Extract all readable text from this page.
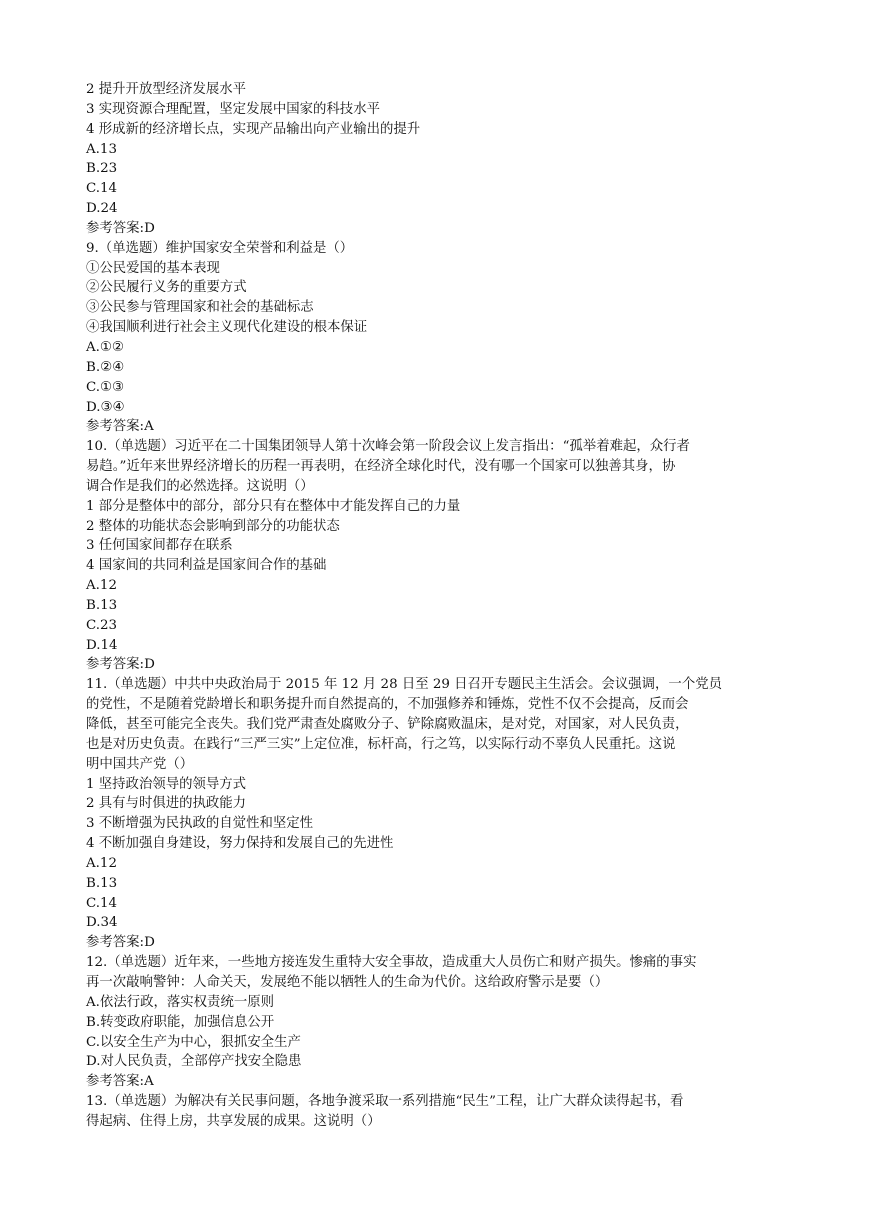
2 提升开放型经济发展水平
3 实现资源合理配置，坚定发展中国家的科技水平
4 形成新的经济增长点，实现产品输出向产业输出的提升
A.13
B.23
C.14
D.24
参考答案:D
9.（单选题）维护国家安全荣誉和利益是（）
①公民爱国的基本表现
②公民履行义务的重要方式
③公民参与管理国家和社会的基础标志
④我国顺利进行社会主义现代化建设的根本保证
A.①②
B.②④
C.①③
D.③④
参考答案:A
10.（单选题）习近平在二十国集团领导人第十次峰会第一阶段会议上发言指出：“孤举着难起，众行者
易趋。”近年来世界经济增长的历程一再表明，在经济全球化时代，没有哪一个国家可以独善其身，协
调合作是我们的必然选择。这说明（）
1 部分是整体中的部分，部分只有在整体中才能发挥自己的力量
2 整体的功能状态会影响到部分的功能状态
3 任何国家间都存在联系
4 国家间的共同利益是国家间合作的基础
A.12
B.13
C.23
D.14
参考答案:D
11.（单选题）中共中央政治局于 2015 年 12 月 28 日至 29 日召开专题民主生活会。会议强调，一个党员
的党性，不是随着党龄增长和职务提升而自然提高的，不加强修养和锤炼，党性不仅不会提高，反而会
降低，甚至可能完全丧失。我们党严肃查处腐败分子、铲除腐败温床，是对党，对国家，对人民负责，
也是对历史负责。在践行“三严三实”上定位准，标杆高，行之笃，以实际行动不辜负人民重托。这说
明中国共产党（）
1 坚持政治领导的领导方式
2 具有与时俱进的执政能力
3 不断增强为民执政的自觉性和坚定性
4 不断加强自身建设，努力保持和发展自己的先进性
A.12
B.13
C.14
D.34
参考答案:D
12.（单选题）近年来，一些地方接连发生重特大安全事故，造成重大人员伤亡和财产损失。惨痛的事实
再一次敲响警钟：人命关天，发展绝不能以牺牲人的生命为代价。这给政府警示是要（）
A.依法行政，落实权责统一原则
B.转变政府职能，加强信息公开
C.以安全生产为中心，狠抓安全生产
D.对人民负责，全部停产找安全隐患
参考答案:A
13.（单选题）为解决有关民事问题，各地争渡采取一系列措施“民生”工程，让广大群众读得起书，看
得起病、住得上房，共享发展的成果。这说明（）
